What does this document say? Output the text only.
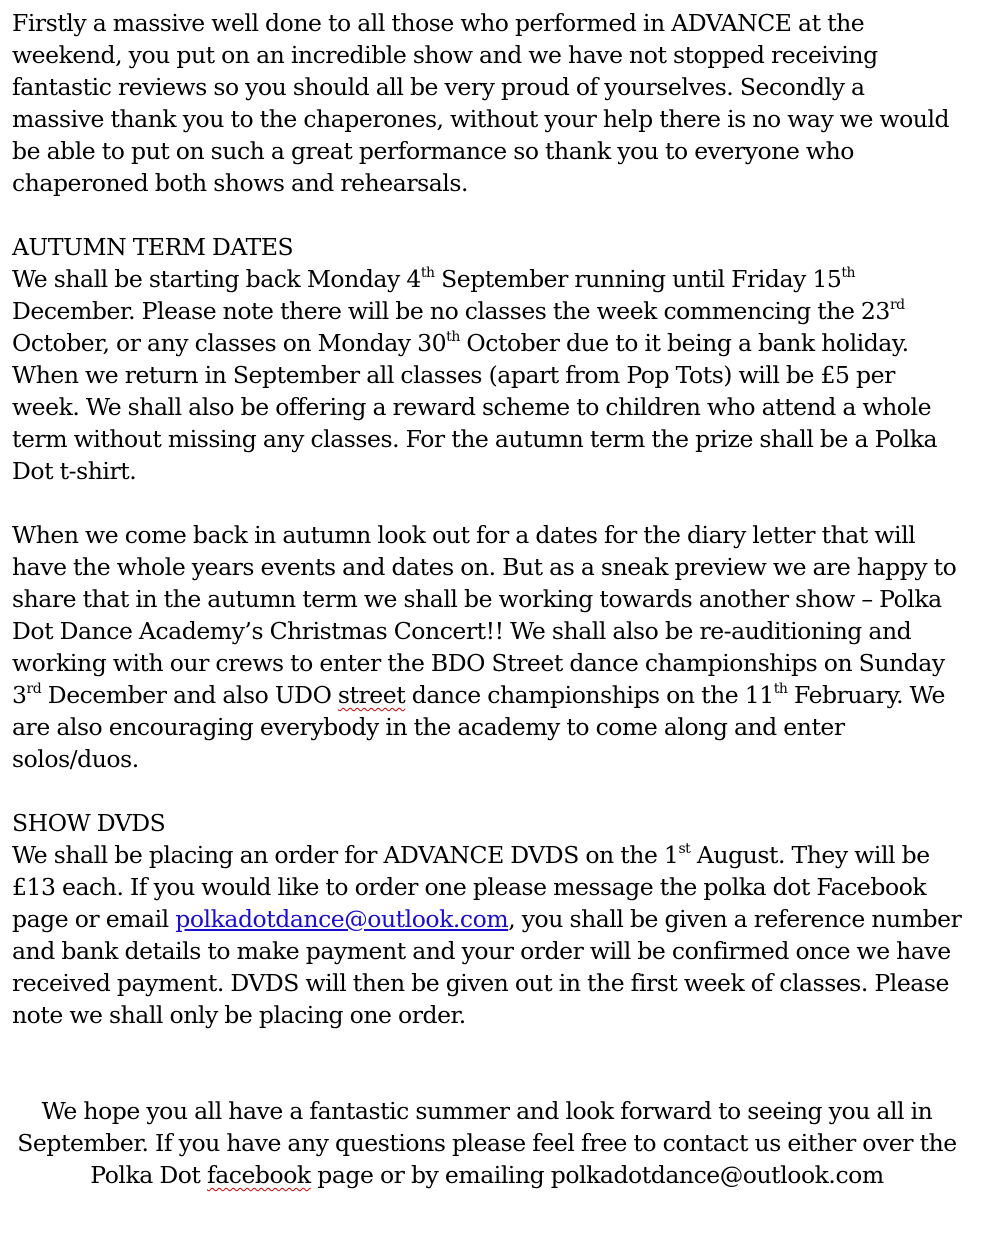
Firstly a massive well done to all those who performed in ADVANCE at the weekend, you put on an incredible show and we have not stopped receiving fantastic reviews so you should all be very proud of yourselves. Secondly a massive thank you to the chaperones, without your help there is no way we would be able to put on such a great performance so thank you to everyone who chaperoned both shows and rehearsals.

AUTUMN TERM DATES

We shall be starting back Monday 4th September running until Friday 15th December. Please note there will be no classes the week commencing the 23rd October, or any classes on Monday 30th October due to it being a bank holiday. When we return in September all classes (apart from Pop Tots) will be £5 per week. We shall also be offering a reward scheme to children who attend a whole term without missing any classes. For the autumn term the prize shall be a Polka Dot t-shirt.

When we come back in autumn look out for a dates for the diary letter that will have the whole years events and dates on. But as a sneak preview we are happy to share that in the autumn term we shall be working towards another show – Polka Dot Dance Academy’s Christmas Concert!! We shall also be re-auditioning and working with our crews to enter the BDO Street dance championships on Sunday 3rd December and also UDO street dance championships on the 11th February. We are also encouraging everybody in the academy to come along and enter solos/duos.

SHOW DVDS

We shall be placing an order for ADVANCE DVDS on the 1st August. They will be £13 each. If you would like to order one please message the polka dot Facebook page or email polkadotdance@outlook.com, you shall be given a reference number and bank details to make payment and your order will be confirmed once we have received payment. DVDS will then be given out in the first week of classes. Please note we shall only be placing one order.

We hope you all have a fantastic summer and look forward to seeing you all in September. If you have any questions please feel free to contact us either over the Polka Dot facebook page or by emailing polkadotdance@outlook.com
